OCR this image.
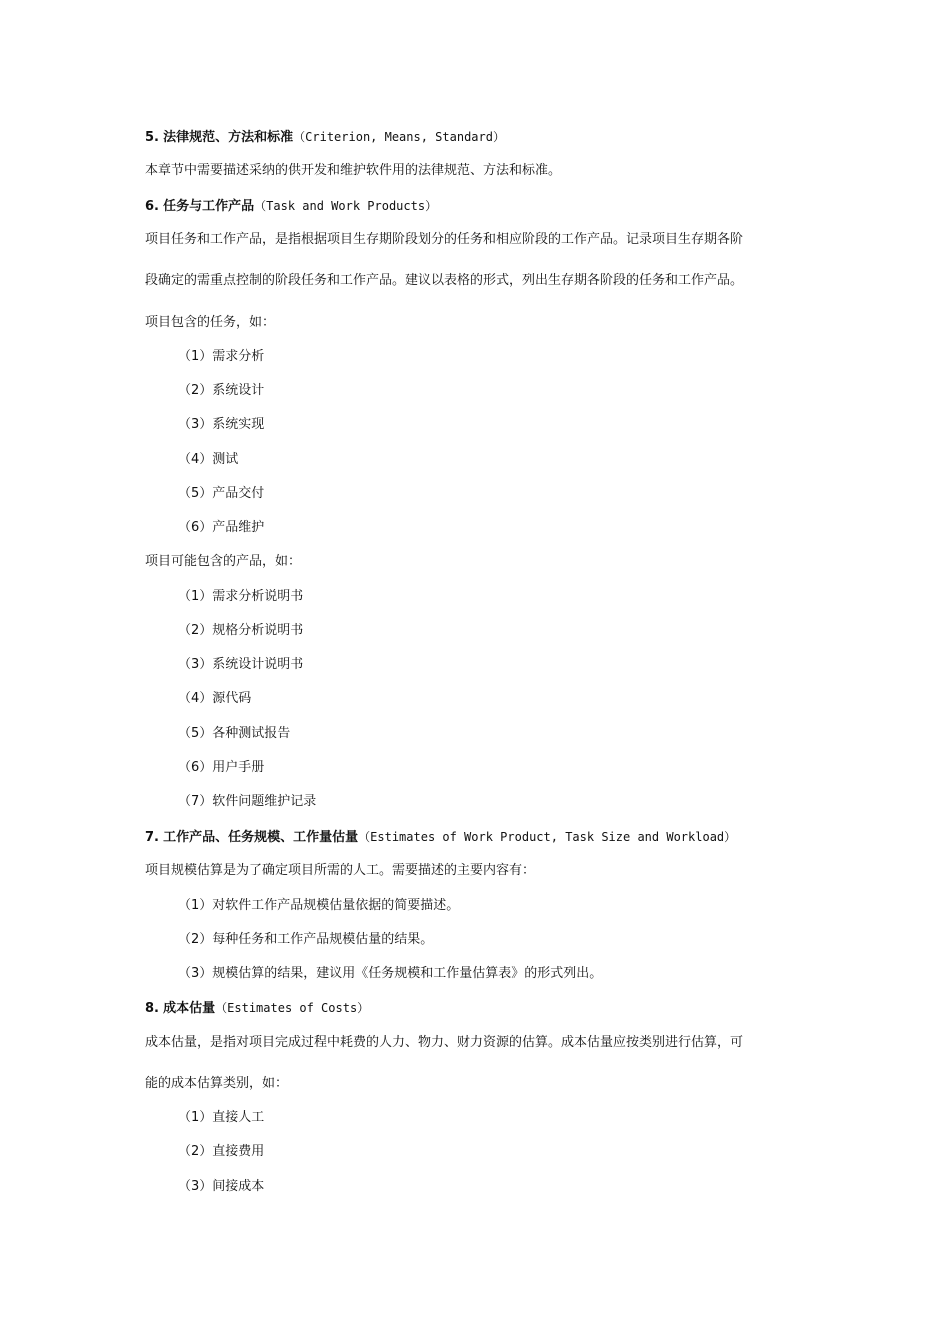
5. 法律规范、方法和标准（Criterion, Means, Standard）
本章节中需要描述采纳的供开发和维护软件用的法律规范、方法和标准。
6. 任务与工作产品（Task and Work Products）
项目任务和工作产品，是指根据项目生存期阶段划分的任务和相应阶段的工作产品。记录项目生存期各阶
段确定的需重点控制的阶段任务和工作产品。建议以表格的形式，列出生存期各阶段的任务和工作产品。
项目包含的任务，如：
（1）需求分析
（2）系统设计
（3）系统实现
（4）测试
（5）产品交付
（6）产品维护
项目可能包含的产品，如：
（1）需求分析说明书
（2）规格分析说明书
（3）系统设计说明书
（4）源代码
（5）各种测试报告
（6）用户手册
（7）软件问题维护记录
7. 工作产品、任务规模、工作量估量（Estimates of Work Product, Task Size and Workload）
项目规模估算是为了确定项目所需的人工。需要描述的主要内容有：
（1）对软件工作产品规模估量依据的简要描述。
（2）每种任务和工作产品规模估量的结果。
（3）规模估算的结果，建议用《任务规模和工作量估算表》的形式列出。
8. 成本估量（Estimates of Costs）
成本估量，是指对项目完成过程中耗费的人力、物力、财力资源的估算。成本估量应按类别进行估算，可
能的成本估算类别，如：
（1）直接人工
（2）直接费用
（3）间接成本
